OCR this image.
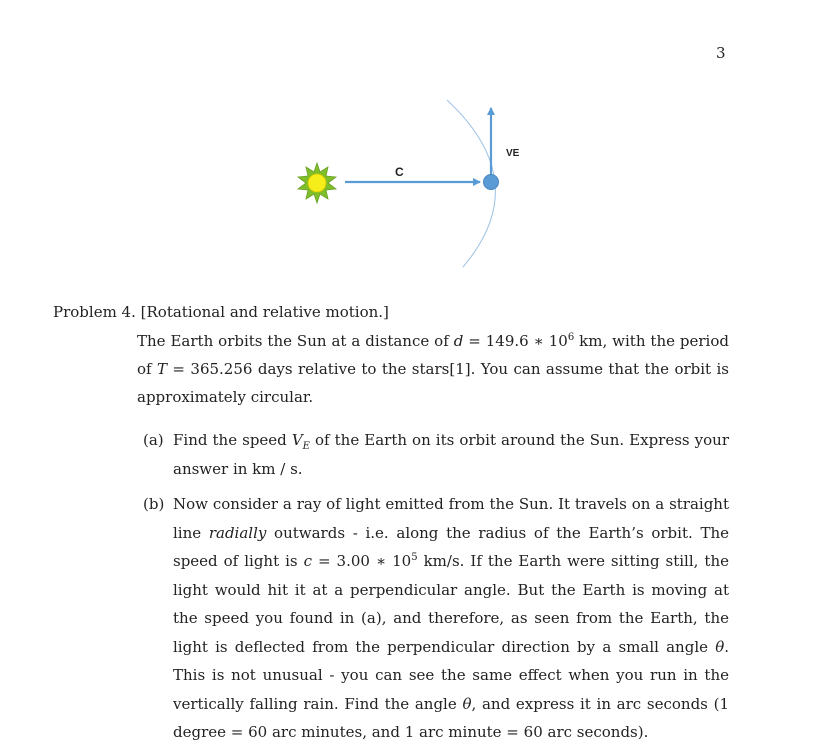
3
C
VE
Problem 4. [Rotational and relative motion.]
The Earth orbits the Sun at a distance of d = 149.6 ∗ $10^6$ km, with the period of T = 365.256 days relative to the stars[1]. You can assume that the orbit is approximately circular.
(a) Find the speed $V_E$ of the Earth on its orbit around the Sun. Express your answer in km / s.
(b) Now consider a ray of light emitted from the Sun. It travels on a straight line radially outwards - i.e. along the radius of the Earth’s orbit. The speed of light is c = 3.00 ∗ $10^5$ km/s. If the Earth were sitting still, the light would hit it at a perpendicular angle. But the Earth is moving at the speed you found in (a), and therefore, as seen from the Earth, the light is deflected from the perpendicular direction by a small angle θ. This is not unusual - you can see the same effect when you run in the vertically falling rain. Find the angle θ, and express it in arc seconds (1 degree = 60 arc minutes, and 1 arc minute = 60 arc seconds).
